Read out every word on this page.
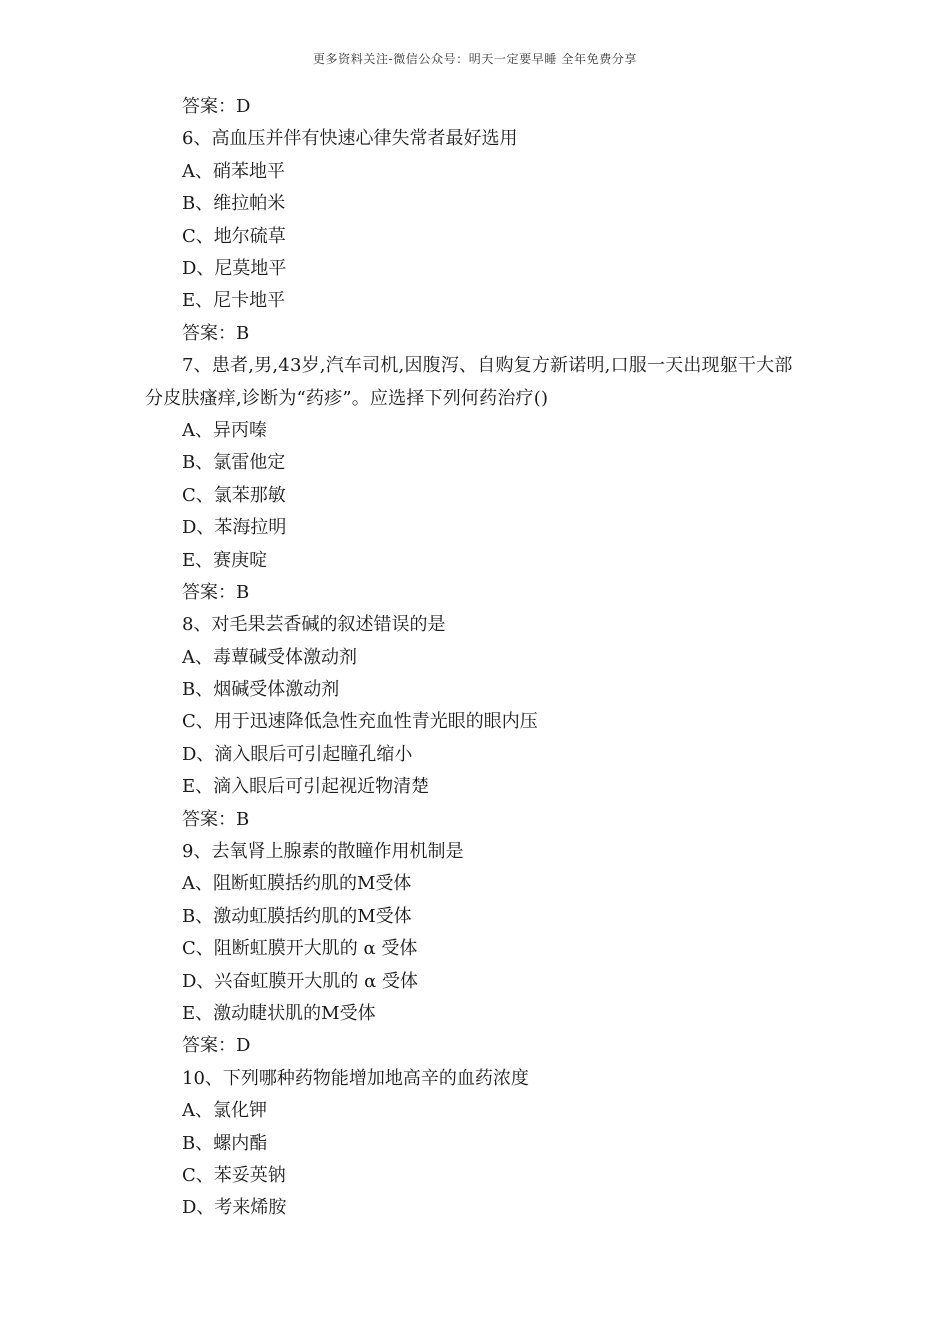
更多资料关注-微信公众号：明天一定要早睡 全年免费分享
答案：D
6、高血压并伴有快速心律失常者最好选用
A、硝苯地平
B、维拉帕米
C、地尔硫草
D、尼莫地平
E、尼卡地平
答案：B
7、患者,男,43岁,汽车司机,因腹泻、自购复方新诺明,口服一天出现躯干大部分皮肤瘙痒,诊断为“药疹”。应选择下列何药治疗()
A、异丙嗪
B、氯雷他定
C、氯苯那敏
D、苯海拉明
E、赛庚啶
答案：B
8、对毛果芸香碱的叙述错误的是
A、毒蕈碱受体激动剂
B、烟碱受体激动剂
C、用于迅速降低急性充血性青光眼的眼内压
D、滴入眼后可引起瞳孔缩小
E、滴入眼后可引起视近物清楚
答案：B
9、去氧肾上腺素的散瞳作用机制是
A、阻断虹膜括约肌的M受体
B、激动虹膜括约肌的M受体
C、阻断虹膜开大肌的 α 受体
D、兴奋虹膜开大肌的 α 受体
E、激动睫状肌的M受体
答案：D
10、下列哪种药物能增加地高辛的血药浓度
A、氯化钾
B、螺内酯
C、苯妥英钠
D、考来烯胺
